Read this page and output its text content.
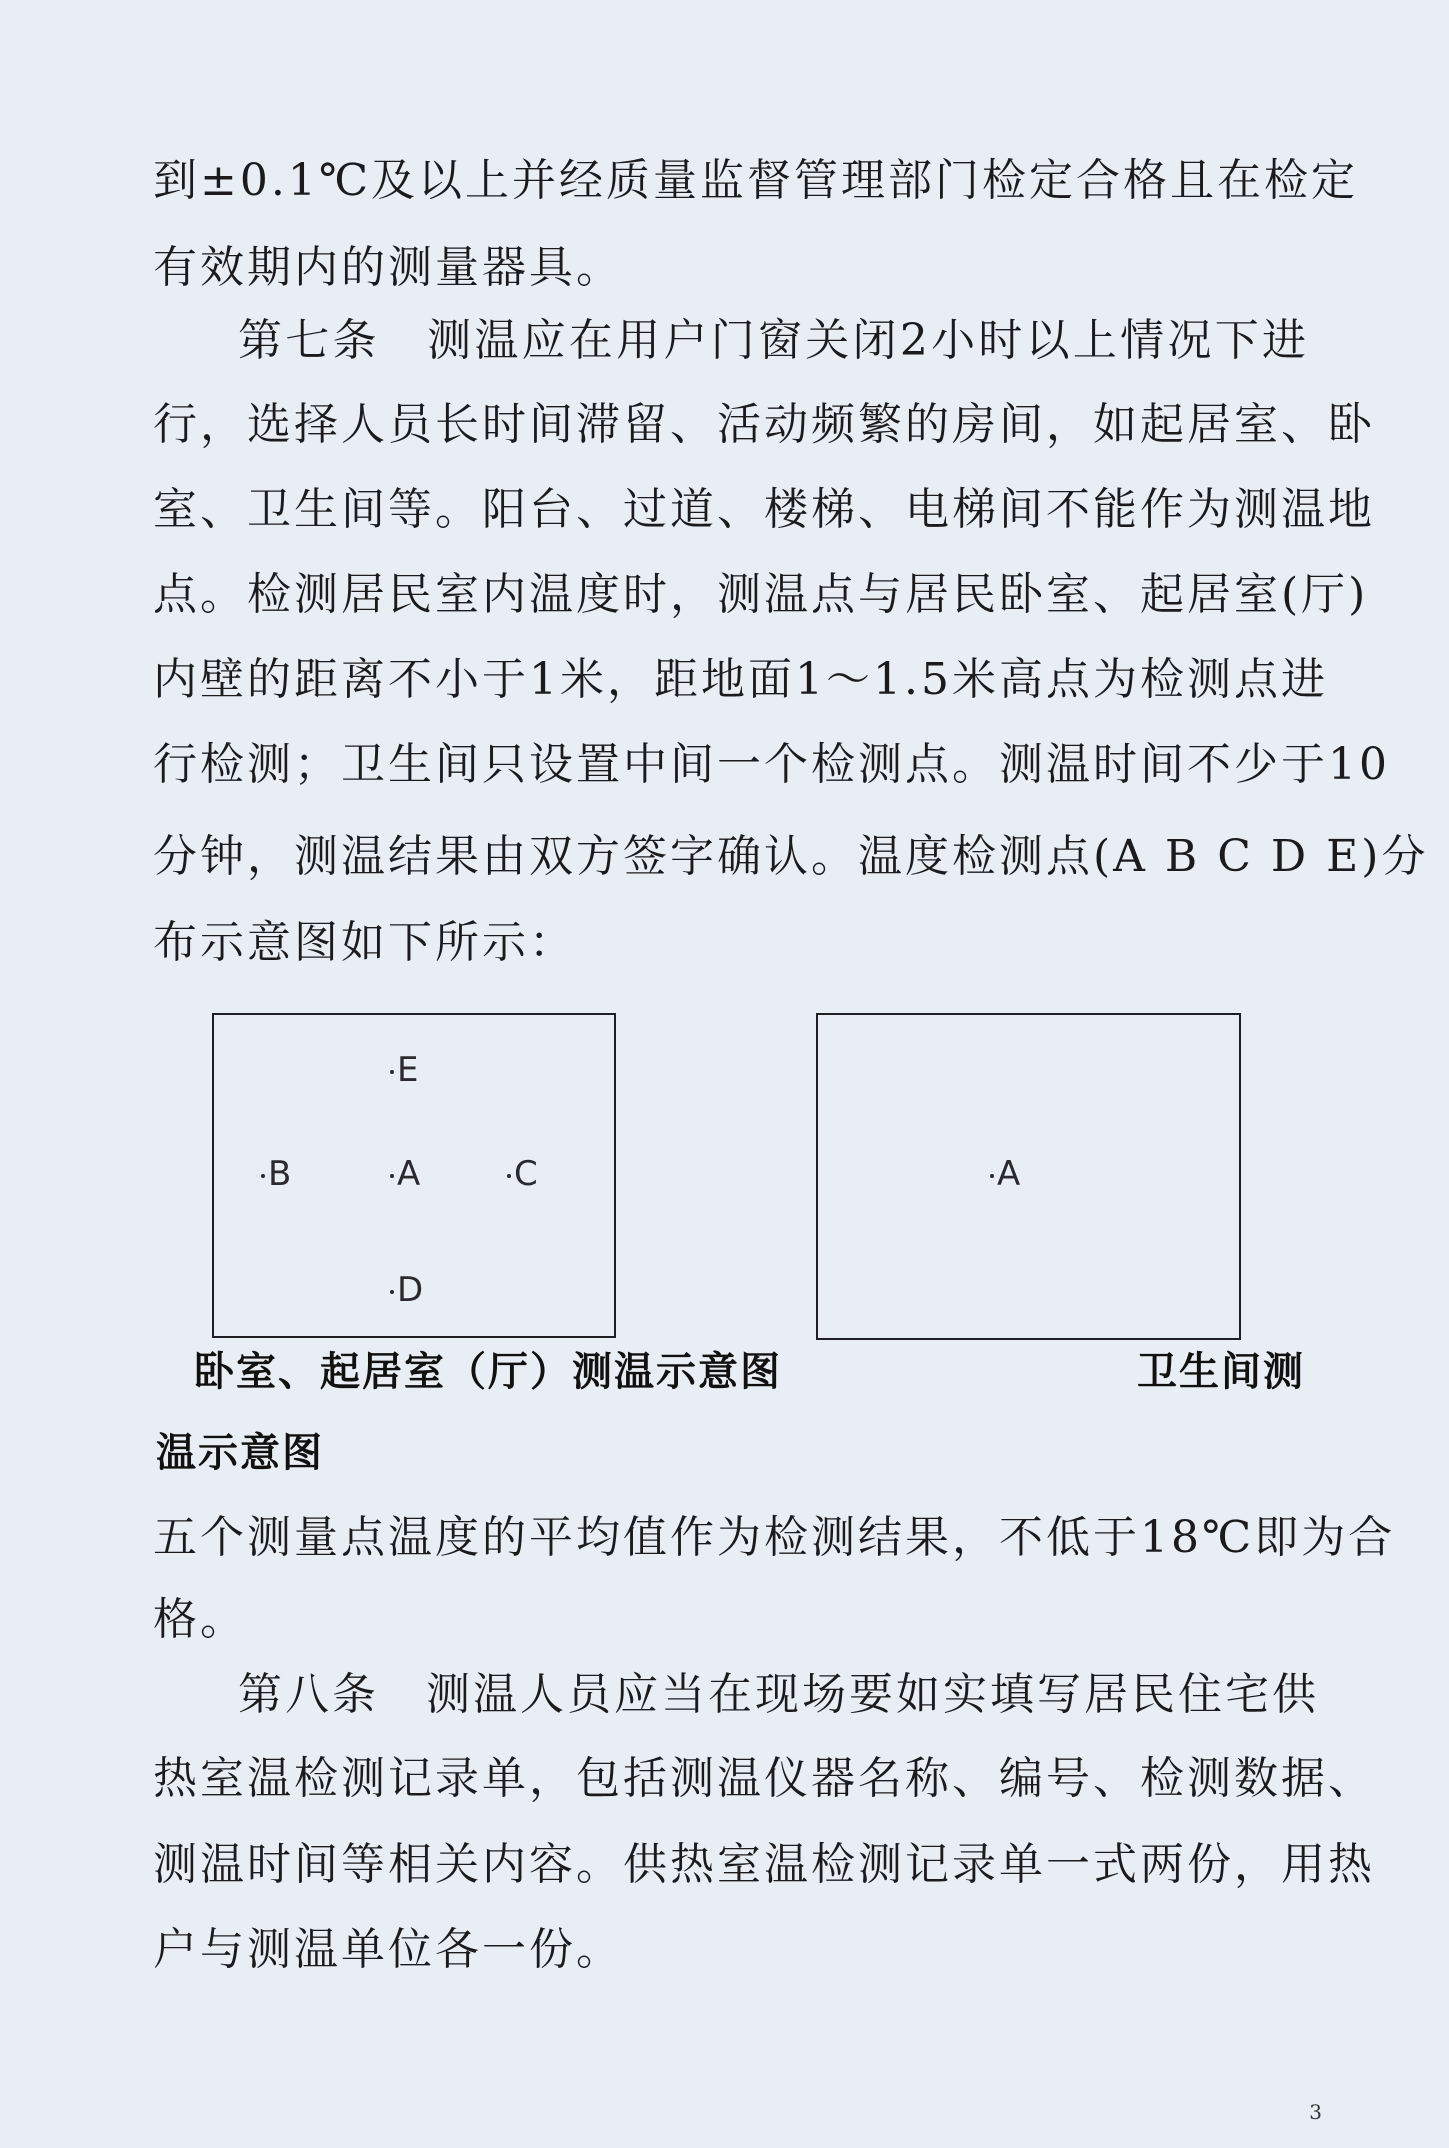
到±0.1℃及以上并经质量监督管理部门检定合格且在检定
有效期内的测量器具。
第七条　测温应在用户门窗关闭2小时以上情况下进
行，选择人员长时间滞留、活动频繁的房间，如起居室、卧
室、卫生间等。阳台、过道、楼梯、电梯间不能作为测温地
点。检测居民室内温度时，测温点与居民卧室、起居室(厅)
内壁的距离不小于1米，距地面1～1.5米高点为检测点进
行检测；卫生间只设置中间一个检测点。测温时间不少于10
分钟，测温结果由双方签字确认。温度检测点(A B C D E)分
布示意图如下所示：
E
B	A	C
D
A
卧室、起居室（厅）测温示意图	卫生间测
温示意图
五个测量点温度的平均值作为检测结果，不低于18℃即为合
格。
第八条　测温人员应当在现场要如实填写居民住宅供
热室温检测记录单，包括测温仪器名称、编号、检测数据、
测温时间等相关内容。供热室温检测记录单一式两份，用热
户与测温单位各一份。
3
